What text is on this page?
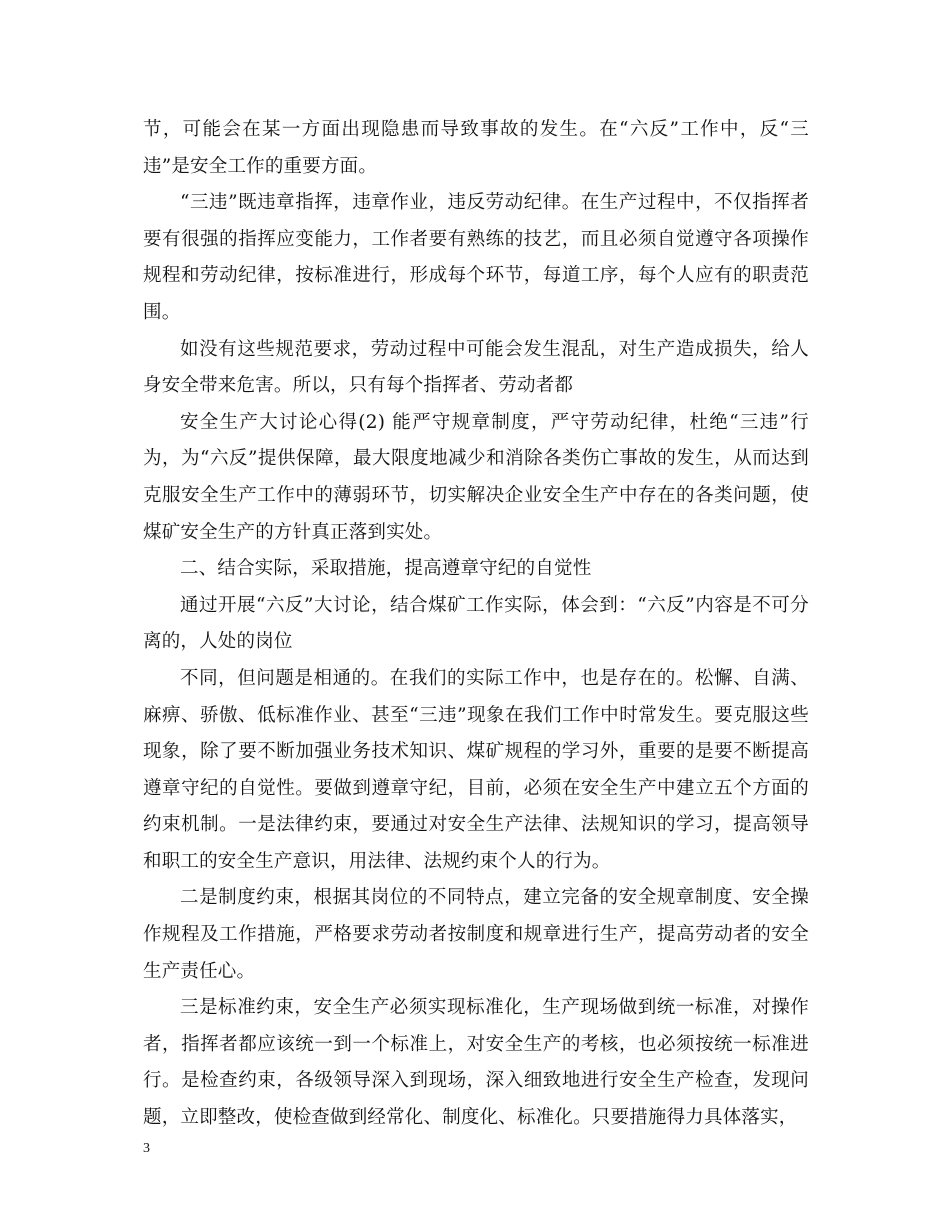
节，可能会在某一方面出现隐患而导致事故的发生。在“六反”工作中，反“三违”是安全工作的重要方面。

“三违”既违章指挥，违章作业，违反劳动纪律。在生产过程中，不仅指挥者要有很强的指挥应变能力，工作者要有熟练的技艺，而且必须自觉遵守各项操作规程和劳动纪律，按标准进行，形成每个环节，每道工序，每个人应有的职责范围。

如没有这些规范要求，劳动过程中可能会发生混乱，对生产造成损失，给人身安全带来危害。所以，只有每个指挥者、劳动者都

安全生产大讨论心得(2) 能严守规章制度，严守劳动纪律，杜绝“三违”行为，为“六反”提供保障，最大限度地减少和消除各类伤亡事故的发生，从而达到克服安全生产工作中的薄弱环节，切实解决企业安全生产中存在的各类问题，使煤矿安全生产的方针真正落到实处。

二、结合实际，采取措施，提高遵章守纪的自觉性

通过开展“六反”大讨论，结合煤矿工作实际，体会到：“六反”内容是不可分离的，人处的岗位

不同，但问题是相通的。在我们的实际工作中，也是存在的。松懈、自满、麻痹、骄傲、低标准作业、甚至“三违”现象在我们工作中时常发生。要克服这些现象，除了要不断加强业务技术知识、煤矿规程的学习外，重要的是要不断提高遵章守纪的自觉性。要做到遵章守纪，目前，必须在安全生产中建立五个方面的约束机制。一是法律约束，要通过对安全生产法律、法规知识的学习，提高领导和职工的安全生产意识，用法律、法规约束个人的行为。

二是制度约束，根据其岗位的不同特点，建立完备的安全规章制度、安全操作规程及工作措施，严格要求劳动者按制度和规章进行生产，提高劳动者的安全生产责任心。

三是标准约束，安全生产必须实现标准化，生产现场做到统一标准，对操作者，指挥者都应该统一到一个标准上，对安全生产的考核，也必须按统一标准进行。是检查约束，各级领导深入到现场，深入细致地进行安全生产检查，发现问题，立即整改，使检查做到经常化、制度化、标准化。只要措施得力具体落实，

3
